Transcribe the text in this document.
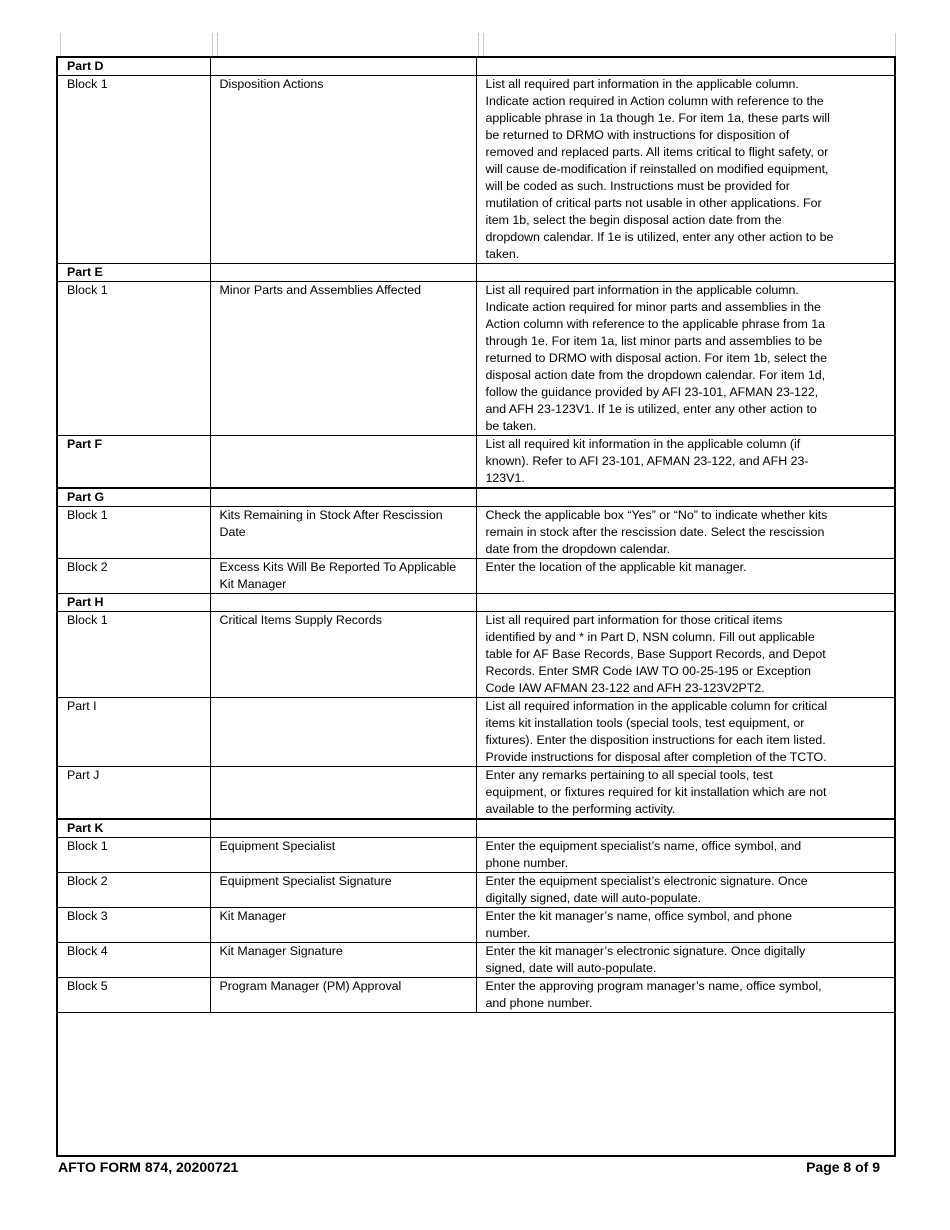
Part D		
Block 1	Disposition Actions	List all required part information in the applicable column. Indicate action required in Action column with reference to the applicable phrase in 1a though 1e. For item 1a, these parts will be returned to DRMO with instructions for disposition of removed and replaced parts. All items critical to flight safety, or will cause de-modification if reinstalled on modified equipment, will be coded as such. Instructions must be provided for mutilation of critical parts not usable in other applications. For item 1b, select the begin disposal action date from the dropdown calendar. If 1e is utilized, enter any other action to be taken.
Part E		
Block 1	Minor Parts and Assemblies Affected	List all required part information in the applicable column. Indicate action required for minor parts and assemblies in the Action column with reference to the applicable phrase from 1a through 1e. For item 1a, list minor parts and assemblies to be returned to DRMO with disposal action. For item 1b, select the disposal action date from the dropdown calendar. For item 1d, follow the guidance provided by AFI 23-101, AFMAN 23-122, and AFH 23-123V1. If 1e is utilized, enter any other action to be taken.
Part F		List all required kit information in the applicable column (if known). Refer to AFI 23-101, AFMAN 23-122, and AFH 23-123V1.
Part G		
Block 1	Kits Remaining in Stock After Rescission Date	Check the applicable box “Yes” or “No” to indicate whether kits remain in stock after the rescission date. Select the rescission date from the dropdown calendar.
Block 2	Excess Kits Will Be Reported To Applicable Kit Manager	Enter the location of the applicable kit manager.
Part H		
Block 1	Critical Items Supply Records	List all required part information for those critical items identified by and * in Part D, NSN column. Fill out applicable table for AF Base Records, Base Support Records, and Depot Records. Enter SMR Code IAW TO 00-25-195 or Exception Code IAW AFMAN 23-122 and AFH 23-123V2PT2.
Part I		List all required information in the applicable column for critical items kit installation tools (special tools, test equipment, or fixtures). Enter the disposition instructions for each item listed. Provide instructions for disposal after completion of the TCTO.
Part J		Enter any remarks pertaining to all special tools, test equipment, or fixtures required for kit installation which are not available to the performing activity.
Part K		
Block 1	Equipment Specialist	Enter the equipment specialist’s name, office symbol, and phone number.
Block 2	Equipment Specialist Signature	Enter the equipment specialist’s electronic signature. Once digitally signed, date will auto-populate.
Block 3	Kit Manager	Enter the kit manager’s name, office symbol, and phone number.
Block 4	Kit Manager Signature	Enter the kit manager’s electronic signature. Once digitally signed, date will auto-populate.
Block 5	Program Manager (PM) Approval	Enter the approving program manager’s name, office symbol, and phone number.
AFTO FORM 874, 20200721	Page 8 of 9
